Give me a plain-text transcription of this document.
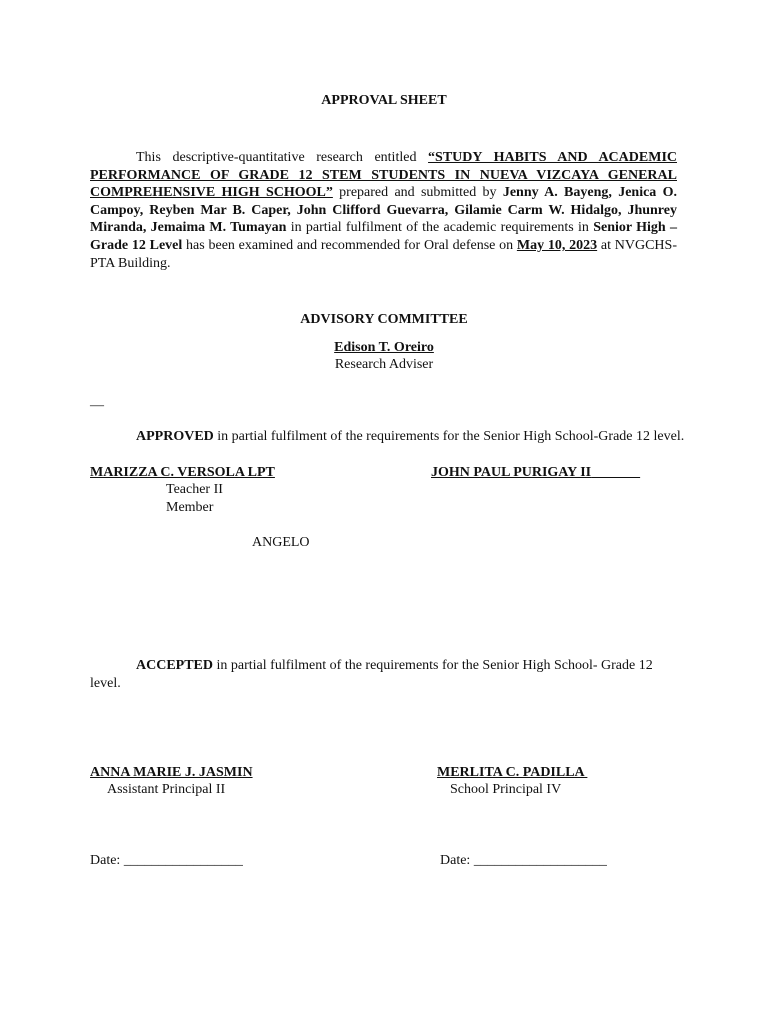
APPROVAL SHEET

This descriptive-quantitative research entitled “STUDY HABITS AND ACADEMIC PERFORMANCE OF GRADE 12 STEM STUDENTS IN NUEVA VIZCAYA GENERAL COMPREHENSIVE HIGH SCHOOL” prepared and submitted by Jenny A. Bayeng, Jenica O. Campoy, Reyben Mar B. Caper, John Clifford Guevarra, Gilamie Carm W. Hidalgo, Jhunrey Miranda, Jemaima M. Tumayan in partial fulfilment of the academic requirements in Senior High – Grade 12 Level has been examined and recommended for Oral defense on May 10, 2023 at NVGCHS-PTA Building.

ADVISORY COMMITTEE
Edison T. Oreiro
Research Adviser
—
APPROVED in partial fulfilment of the requirements for the Senior High School-Grade 12 level.
MARIZZA C. VERSOLA LPT
Teacher II
Member
JOHN PAUL PURIGAY II
ANGELO

ACCEPTED in partial fulfilment of the requirements for the Senior High School- Grade 12 level.

ANNA MARIE J. JASMIN
Assistant Principal II
MERLITA C. PADILLA
School Principal IV
Date: _________________	Date: ___________________
